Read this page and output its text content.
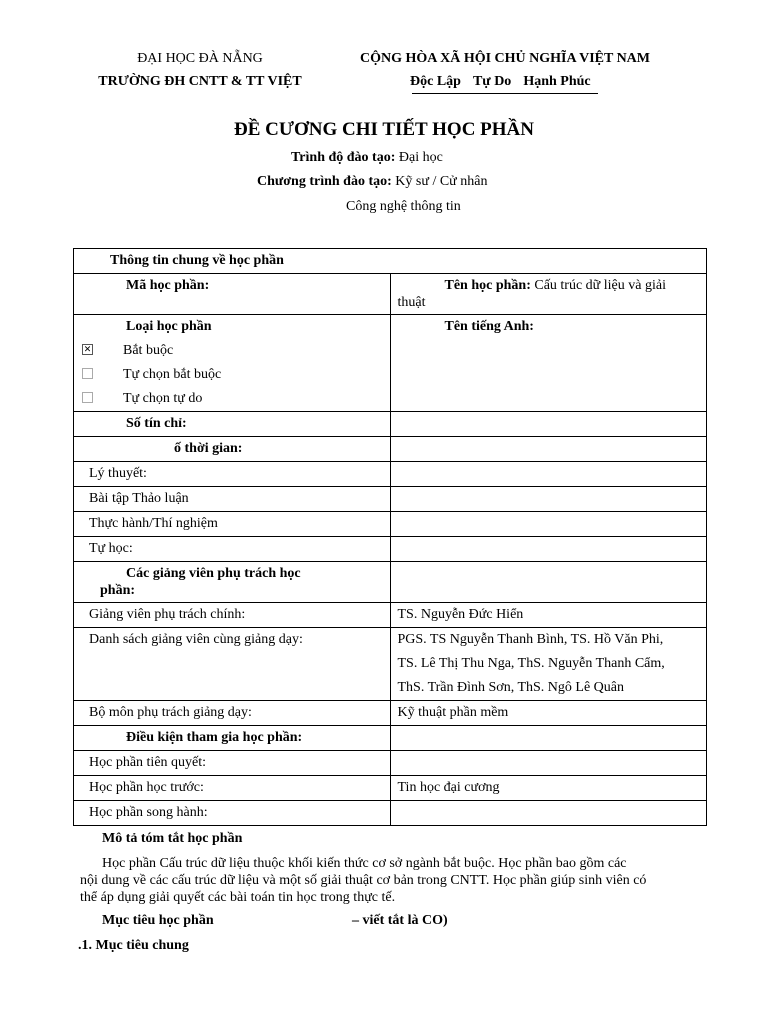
ĐẠI HỌC ĐÀ NẴNG
TRƯỜNG ĐH CNTT & TT VIỆT
CỘNG HÒA XÃ HỘI CHỦ NGHĨA VIỆT NAM
Độc Lập Tự Do Hạnh Phúc
ĐỀ CƯƠNG CHI TIẾT HỌC PHẦN
Trình độ đào tạo: Đại học
Chương trình đào tạo: Kỹ sư / Cử nhân
Công nghệ thông tin
Thông tin chung về học phần	

Mã học phần:	Tên học phần: Cấu trúc dữ liệu và giải
thuật

Loại học phần
✕ Bắt buộc
Tự chọn bắt buộc
Tự chọn tự do	Tên tiếng Anh:

Số tín chỉ:	

ố thời gian:	

Lý thuyết:	

Bài tập Thảo luận	

Thực hành/Thí nghiệm	

Tự học:	

Các giảng viên phụ trách học
phần:	

Giảng viên phụ trách chính:	TS. Nguyễn Đức Hiển

Danh sách giảng viên cùng giảng dạy:	PGS. TS Nguyễn Thanh Bình, TS. Hồ Văn Phi,
TS. Lê Thị Thu Nga, ThS. Nguyễn Thanh Cẩm,
ThS. Trần Đình Sơn, ThS. Ngô Lê Quân

Bộ môn phụ trách giảng dạy:	Kỹ thuật phần mềm

Điều kiện tham gia học phần:	

Học phần tiên quyết:	

Học phần học trước:	Tin học đại cương

Học phần song hành:	

Mô tả tóm tắt học phần
Học phần Cấu trúc dữ liệu thuộc khối kiến thức cơ sở ngành bắt buộc. Học phần bao gồm các
nội dung về các cấu trúc dữ liệu và một số giải thuật cơ bản trong CNTT. Học phần giúp sinh viên có
thể áp dụng giải quyết các bài toán tin học trong thực tế.
Mục tiêu học phần	– viết tắt là CO)
.1. Mục tiêu chung
